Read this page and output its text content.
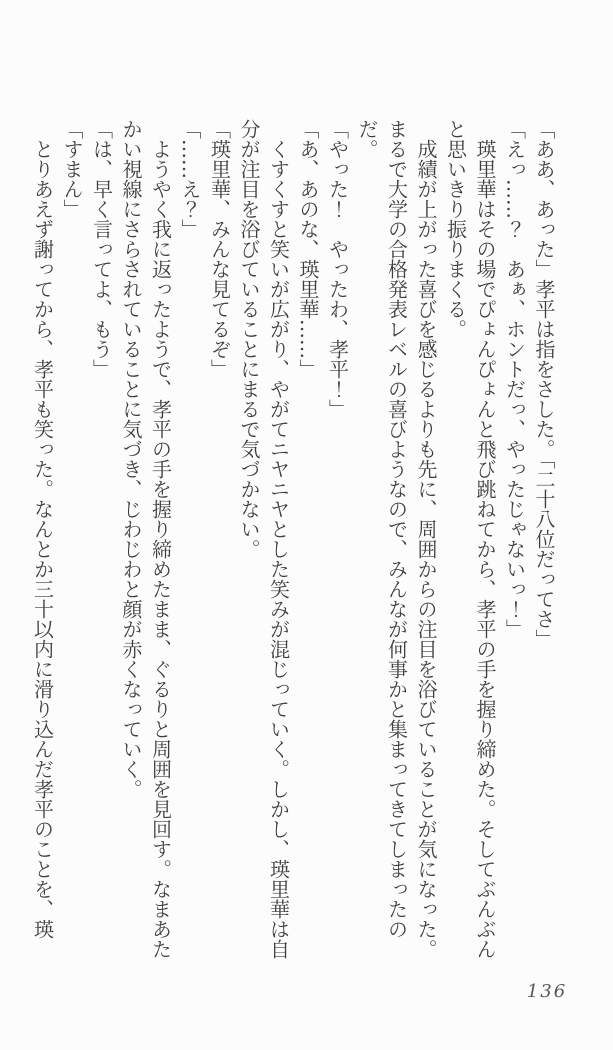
「ああ、あった」孝平は指をさした。「二十八位だってさ」

「えっ……？　あぁ、ホントだっ、やったじゃないっ！」

　瑛里華はその場でぴょんぴょんと飛び跳ねてから、孝平の手を握り締めた。そしてぶんぶん

と思いきり振りまくる。

　成績が上がった喜びを感じるよりも先に、周囲からの注目を浴びていることが気になった。

まるで大学の合格発表レベルの喜びようなので、みんなが何事かと集まってきてしまったのだ。

「やった！　やったわ、孝平！」

「あ、あのな、瑛里華……」

　くすくすと笑いが広がり、やがてニヤニヤとした笑みが混じっていく。しかし、瑛里華は自

分が注目を浴びていることにまるで気づかない。

「瑛里華、みんな見てるぞ」

「……え？」

　ようやく我に返ったようで、孝平の手を握り締めたまま、ぐるりと周囲を見回す。なまあた

かい視線にさらされていることに気づき、じわじわと顔が赤くなっていく。

「は、早く言ってよ、もう」

「すまん」

　とりあえず謝ってから、孝平も笑った。なんとか三十以内に滑り込んだ孝平のことを、瑛

136
